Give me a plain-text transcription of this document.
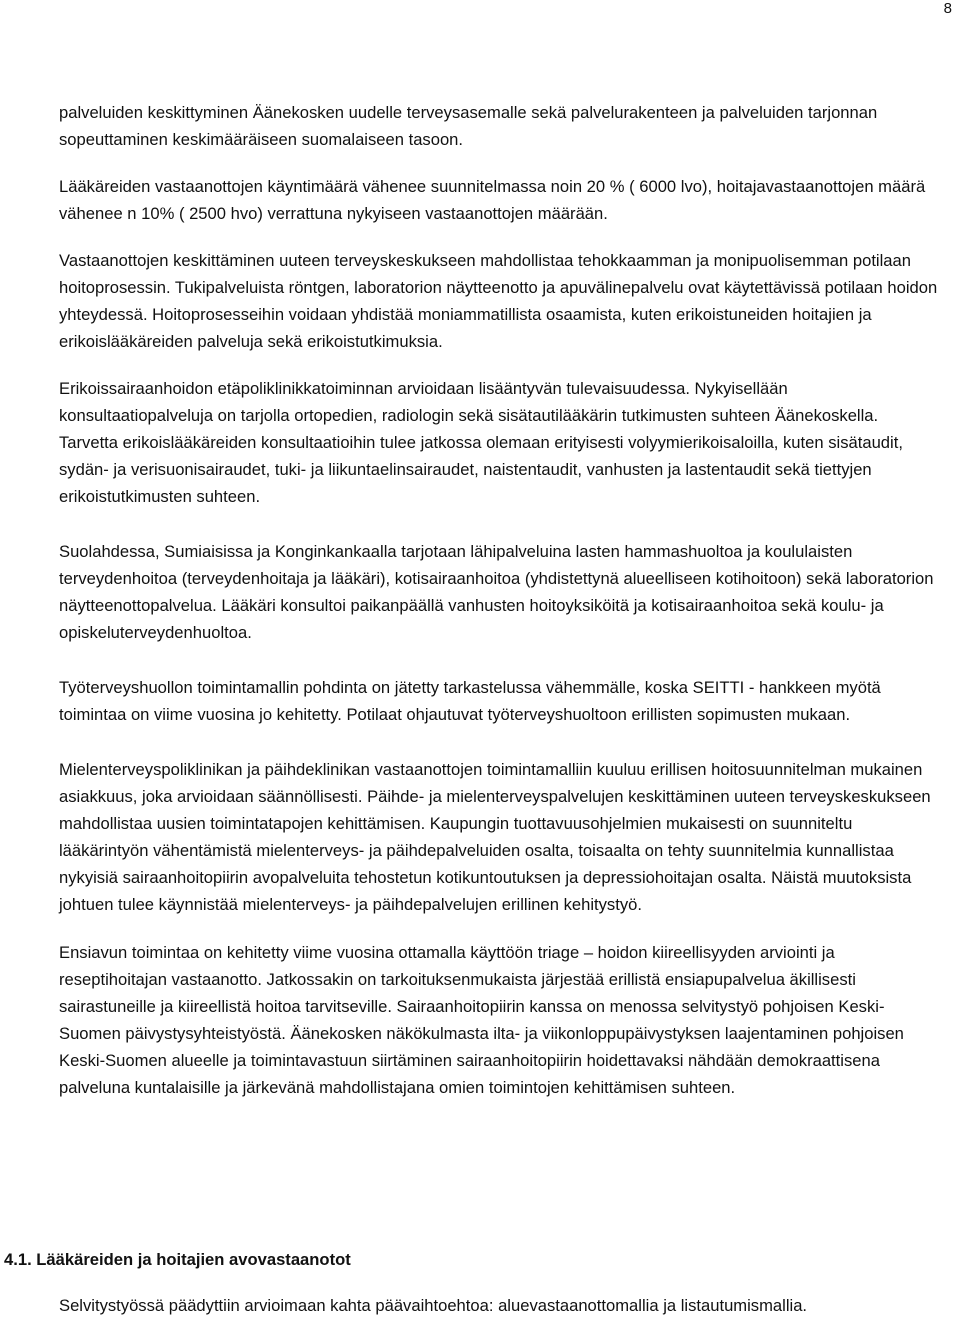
8

palveluiden keskittyminen Äänekosken uudelle terveysasemalle sekä palvelurakenteen ja palveluiden tarjonnan sopeuttaminen keskimääräiseen suomalaiseen tasoon.

Lääkäreiden vastaanottojen käyntimäärä vähenee suunnitelmassa noin 20 % ( 6000 lvo), hoitajavastaanottojen määrä vähenee n 10% ( 2500 hvo) verrattuna nykyiseen vastaanottojen määrään.

Vastaanottojen keskittäminen uuteen terveyskeskukseen mahdollistaa tehokkaamman ja monipuolisemman potilaan hoitoprosessin. Tukipalveluista röntgen, laboratorion näytteenotto ja apuvälinepalvelu ovat käytettävissä potilaan hoidon yhteydessä. Hoitoprosesseihin voidaan yhdistää moniammatillista osaamista, kuten erikoistuneiden hoitajien ja erikoislääkäreiden palveluja sekä erikoistutkimuksia.

Erikoissairaanhoidon etäpoliklinikkatoiminnan arvioidaan lisääntyvän tulevaisuudessa. Nykyisellään konsultaatiopalveluja on tarjolla ortopedien, radiologin sekä sisätautilääkärin tutkimusten suhteen Äänekoskella. Tarvetta erikoislääkäreiden konsultaatioihin tulee jatkossa olemaan erityisesti volyymierikoisaloilla, kuten sisätaudit, sydän- ja verisuonisairaudet, tuki- ja liikuntaelinsairaudet, naistentaudit, vanhusten ja lastentaudit sekä tiettyjen erikoistutkimusten suhteen.

Suolahdessa, Sumiaisissa ja Konginkankaalla tarjotaan lähipalveluina lasten hammashuoltoa ja koululaisten terveydenhoitoa (terveydenhoitaja ja lääkäri), kotisairaanhoitoa (yhdistettynä alueelliseen kotihoitoon) sekä laboratorion näytteenottopalvelua. Lääkäri konsultoi paikanpäällä vanhusten hoitoyksiköitä ja kotisairaanhoitoa sekä koulu- ja opiskeluterveydenhuoltoa.

Työterveyshuollon toimintamallin pohdinta on jätetty tarkastelussa vähemmälle, koska SEITTI - hankkeen myötä toimintaa on viime vuosina jo kehitetty. Potilaat ohjautuvat työterveyshuoltoon erillisten sopimusten mukaan.

Mielenterveyspoliklinikan ja päihdeklinikan vastaanottojen toimintamalliin kuuluu erillisen hoitosuunnitelman mukainen asiakkuus, joka arvioidaan säännöllisesti. Päihde- ja mielenterveyspalvelujen keskittäminen uuteen terveyskeskukseen mahdollistaa uusien toimintatapojen kehittämisen. Kaupungin tuottavuusohjelmien mukaisesti on suunniteltu lääkärintyön vähentämistä mielenterveys- ja päihdepalveluiden osalta, toisaalta on tehty suunnitelmia kunnallistaa nykyisiä sairaanhoitopiirin avopalveluita tehostetun kotikuntoutuksen ja depressiohoitajan osalta. Näistä muutoksista johtuen tulee käynnistää mielenterveys- ja päihdepalvelujen erillinen kehitystyö.

Ensiavun toimintaa on kehitetty viime vuosina ottamalla käyttöön triage – hoidon kiireellisyyden arviointi ja reseptihoitajan vastaanotto. Jatkossakin on tarkoituksenmukaista järjestää erillistä ensiapupalvelua äkillisesti sairastuneille ja kiireellistä hoitoa tarvitseville. Sairaanhoitopiirin kanssa on menossa selvitystyö pohjoisen Keski-Suomen päivystysyhteistyöstä. Äänekosken näkökulmasta ilta- ja viikonloppupäivystyksen laajentaminen pohjoisen Keski-Suomen alueelle ja toimintavastuun siirtäminen sairaanhoitopiirin hoidettavaksi nähdään demokraattisena palveluna kuntalaisille ja järkevänä mahdollistajana omien toimintojen kehittämisen suhteen.

4.1. Lääkäreiden ja hoitajien avovastaanotot

Selvitystyössä päädyttiin arvioimaan kahta päävaihtoehtoa: aluevastaanottomallia ja listautumismallia.
